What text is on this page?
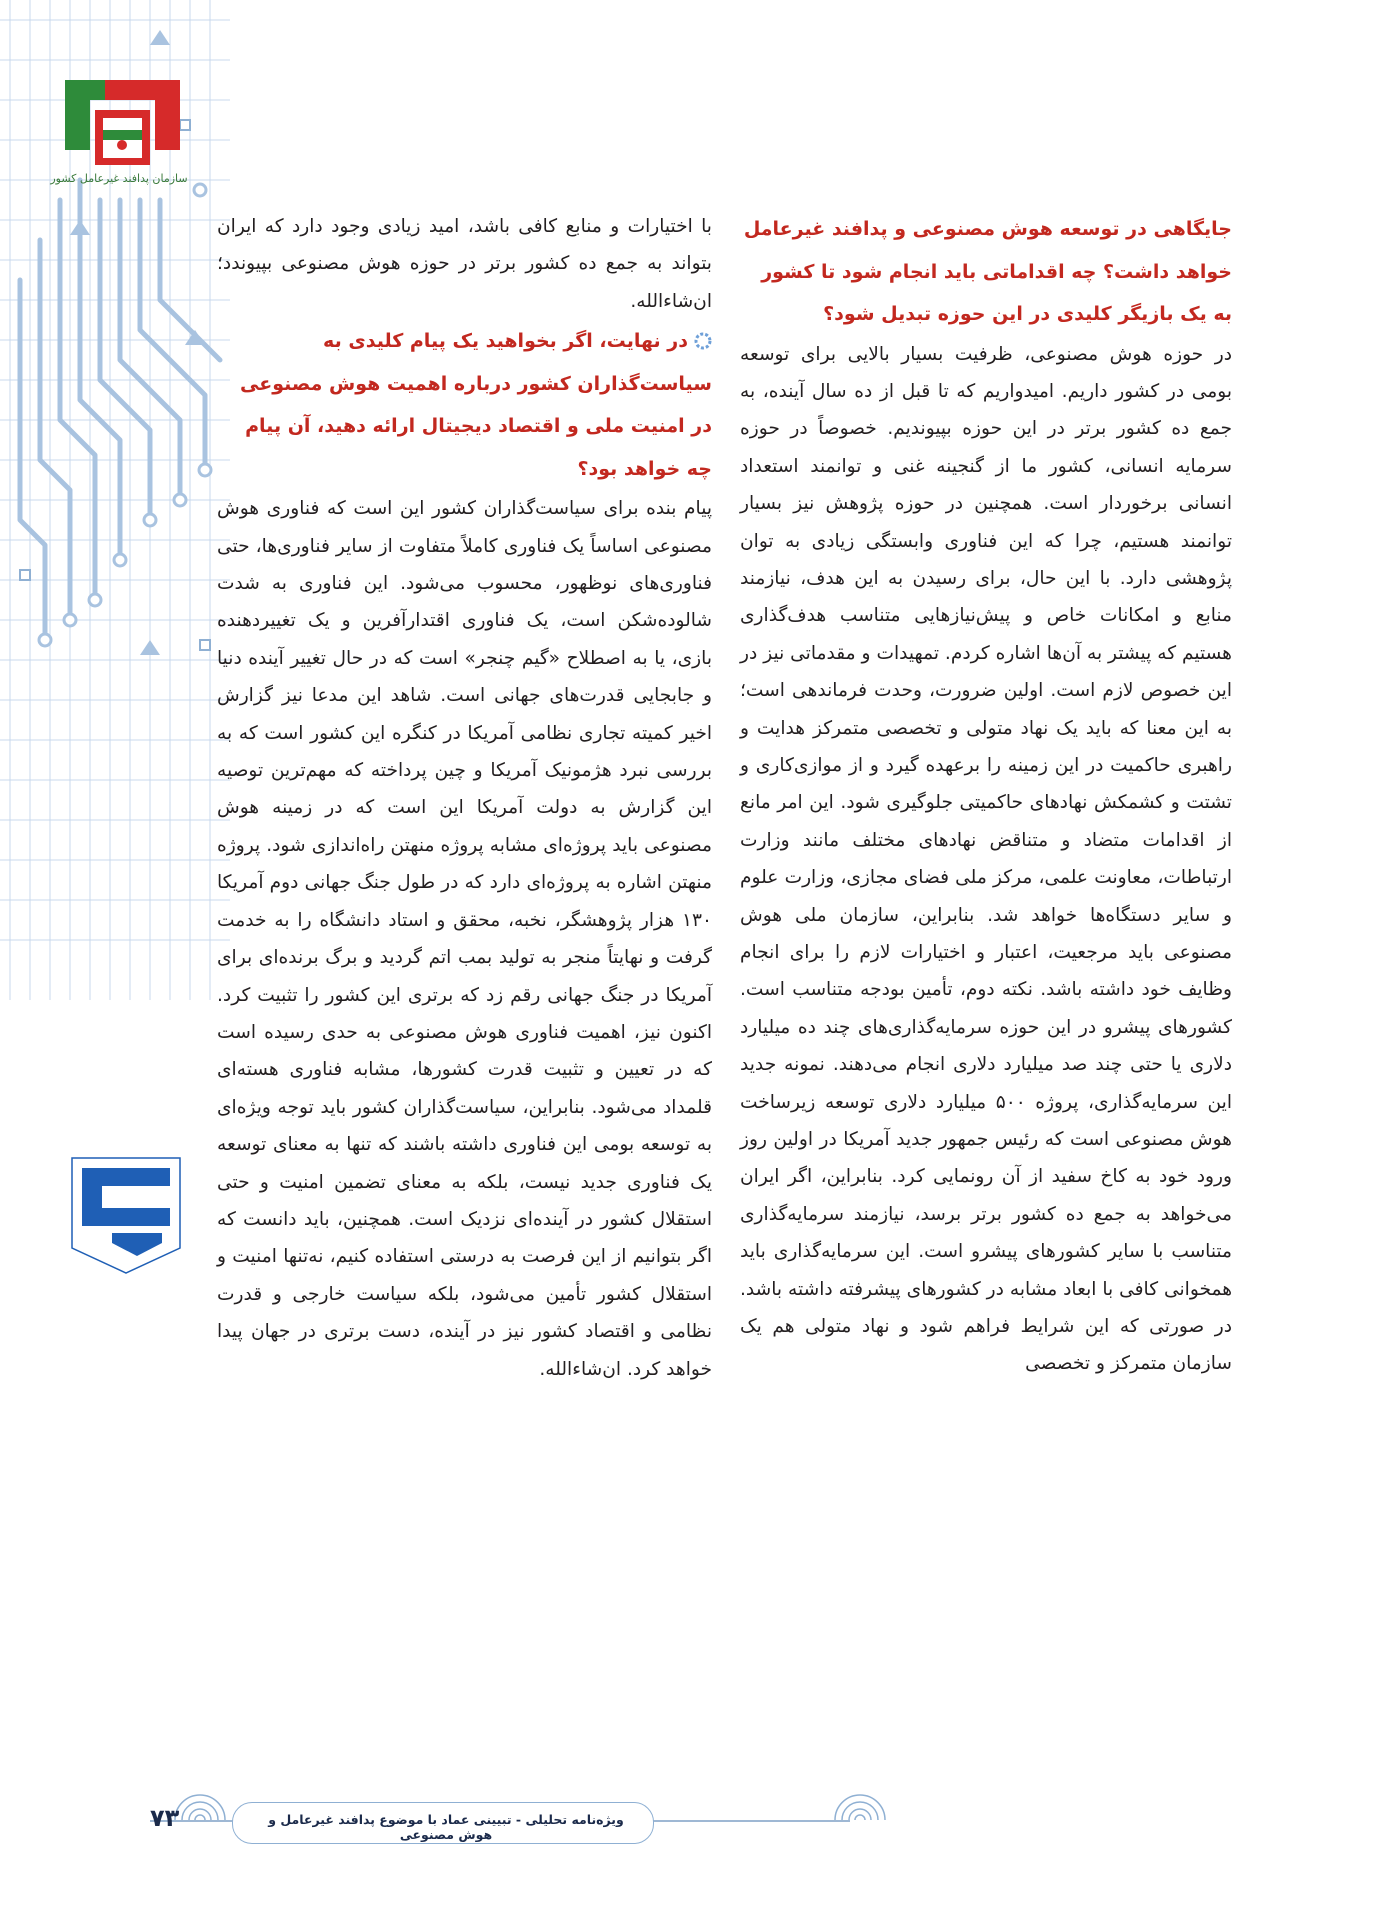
سازمان پدافند غیرعامل کشور
جایگاهی در توسعه هوش مصنوعی و پدافند غیرعامل خواهد داشت؟ چه اقداماتی باید انجام شود تا کشور به یک بازیگر کلیدی در این حوزه تبدیل شود؟
در حوزه هوش مصنوعی، ظرفیت بسیار بالایی برای توسعه بومی در کشور داریم. امیدواریم که تا قبل از ده سال آینده، به جمع ده کشور برتر در این حوزه بپیوندیم. خصوصاً در حوزه سرمایه انسانی، کشور ما از گنجینه غنی و توانمند استعداد انسانی برخوردار است. همچنین در حوزه پژوهش نیز بسیار توانمند هستیم، چرا که این فناوری وابستگی زیادی به توان پژوهشی دارد. با این حال، برای رسیدن به این هدف، نیازمند منابع و امکانات خاص و پیش‌نیازهایی متناسب هدف‌گذاری هستیم که پیشتر به آن‌ها اشاره کردم. تمهیدات و مقدماتی نیز در این خصوص لازم است. اولین ضرورت، وحدت فرماندهی است؛ به این معنا که باید یک نهاد متولی و تخصصی متمرکز هدایت و راهبری حاکمیت در این زمینه را برعهده گیرد و از موازی‌کاری و تشتت و کشمکش نهادهای حاکمیتی جلوگیری شود. این امر مانع از اقدامات متضاد و متناقض نهادهای مختلف مانند وزارت ارتباطات، معاونت علمی، مرکز ملی فضای مجازی، وزارت علوم و سایر دستگاه‌ها خواهد شد. بنابراین، سازمان ملی هوش مصنوعی باید مرجعیت، اعتبار و اختیارات لازم را برای انجام وظایف خود داشته باشد. نکته دوم، تأمین بودجه متناسب است. کشورهای پیشرو در این حوزه سرمایه‌گذاری‌های چند ده میلیارد دلاری یا حتی چند صد میلیارد دلاری انجام می‌دهند. نمونه جدید این سرمایه‌گذاری، پروژه ۵۰۰ میلیارد دلاری توسعه زیرساخت هوش مصنوعی است که رئیس جمهور جدید آمریکا در اولین روز ورود خود به کاخ سفید از آن رونمایی کرد. بنابراین، اگر ایران می‌خواهد به جمع ده کشور برتر برسد، نیازمند سرمایه‌گذاری متناسب با سایر کشورهای پیشرو است. این سرمایه‌گذاری باید همخوانی کافی با ابعاد مشابه در کشورهای پیشرفته داشته باشد. در صورتی که این شرایط فراهم شود و نهاد متولی هم یک سازمان متمرکز و تخصصی
با اختیارات و منابع کافی باشد، امید زیادی وجود دارد که ایران بتواند به جمع ده کشور برتر در حوزه هوش مصنوعی بپیوندد؛ ان‌شاءالله.
در نهایت، اگر بخواهید یک پیام کلیدی به سیاست‌گذاران کشور درباره اهمیت هوش مصنوعی در امنیت ملی و اقتصاد دیجیتال ارائه دهید، آن پیام چه خواهد بود؟
پیام بنده برای سیاست‌گذاران کشور این است که فناوری هوش مصنوعی اساساً یک فناوری کاملاً متفاوت از سایر فناوری‌ها، حتی فناوری‌های نوظهور، محسوب می‌شود. این فناوری به شدت شالوده‌شکن است، یک فناوری اقتدارآفرین و یک تغییردهنده بازی، یا به اصطلاح «گیم چنجر» است که در حال تغییر آینده دنیا و جابجایی قدرت‌های جهانی است. شاهد این مدعا نیز گزارش اخیر کمیته تجاری نظامی آمریکا در کنگره این کشور است که به بررسی نبرد هژمونیک آمریکا و چین پرداخته که مهم‌ترین توصیه این گزارش به دولت آمریکا این است که در زمینه هوش مصنوعی باید پروژه‌ای مشابه پروژه منهتن راه‌اندازی شود. پروژه منهتن اشاره به پروژه‌ای دارد که در طول جنگ جهانی دوم آمریکا ۱۳۰ هزار پژوهشگر، نخبه، محقق و استاد دانشگاه را به خدمت گرفت و نهایتاً منجر به تولید بمب اتم گردید و برگ برنده‌ای برای آمریکا در جنگ جهانی رقم زد که برتری این کشور را تثبیت کرد. اکنون نیز، اهمیت فناوری هوش مصنوعی به حدی رسیده است که در تعیین و تثبیت قدرت کشورها، مشابه فناوری هسته‌ای قلمداد می‌شود. بنابراین، سیاست‌گذاران کشور باید توجه ویژه‌ای به توسعه بومی این فناوری داشته باشند که تنها به معنای توسعه یک فناوری جدید نیست، بلکه به معنای تضمین امنیت و حتی استقلال کشور در آینده‌ای نزدیک است. همچنین، باید دانست که اگر بتوانیم از این فرصت به درستی استفاده کنیم، نه‌تنها امنیت و استقلال کشور تأمین می‌شود، بلکه سیاست خارجی و قدرت نظامی و اقتصاد کشور نیز در آینده، دست برتری در جهان پیدا خواهد کرد. ان‌شاءالله.
ویژه‌نامه تحلیلی - تبیینی عماد با موضوع پدافند غیرعامل و هوش مصنوعی
۷۳
